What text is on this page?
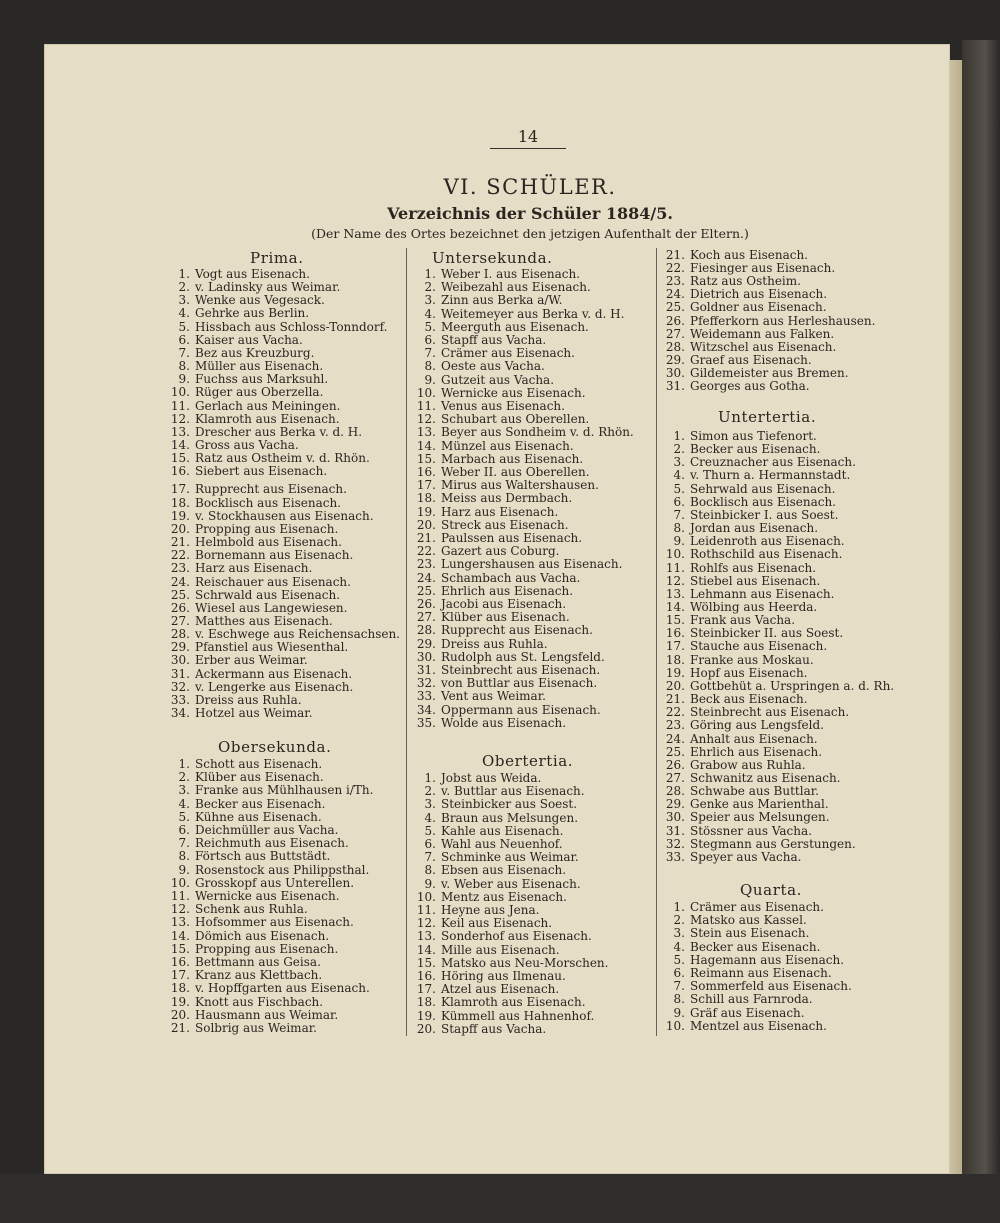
14
VI. SCHÜLER.
Verzeichnis der Schüler 1884/5.
(Der Name des Ortes bezeichnet den jetzigen Aufenthalt der Eltern.)
Prima.
1. Vogt aus Eisenach.
2. v. Ladinsky aus Weimar.
3. Wenke aus Vegesack.
4. Gehrke aus Berlin.
5. Hissbach aus Schloss-Tonndorf.
6. Kaiser aus Vacha.
7. Bez aus Kreuzburg.
8. Müller aus Eisenach.
9. Fuchss aus Marksuhl.
10. Rüger aus Oberzella.
11. Gerlach aus Meiningen.
12. Klamroth aus Eisenach.
13. Drescher aus Berka v. d. H.
14. Gross aus Vacha.
15. Ratz aus Ostheim v. d. Rhön.
16. Siebert aus Eisenach.
17. Rupprecht aus Eisenach.
18. Bocklisch aus Eisenach.
19. v. Stockhausen aus Eisenach.
20. Propping aus Eisenach.
21. Helmbold aus Eisenach.
22. Bornemann aus Eisenach.
23. Harz aus Eisenach.
24. Reischauer aus Eisenach.
25. Schrwald aus Eisenach.
26. Wiesel aus Langewiesen.
27. Matthes aus Eisenach.
28. v. Eschwege aus Reichensachsen.
29. Pfanstiel aus Wiesenthal.
30. Erber aus Weimar.
31. Ackermann aus Eisenach.
32. v. Lengerke aus Eisenach.
33. Dreiss aus Ruhla.
34. Hotzel aus Weimar.
Obersekunda.
1. Schott aus Eisenach.
2. Klüber aus Eisenach.
3. Franke aus Mühlhausen i/Th.
4. Becker aus Eisenach.
5. Kühne aus Eisenach.
6. Deichmüller aus Vacha.
7. Reichmuth aus Eisenach.
8. Förtsch aus Buttstädt.
9. Rosenstock aus Philippsthal.
10. Grosskopf aus Unterellen.
11. Wernicke aus Eisenach.
12. Schenk aus Ruhla.
13. Hofsommer aus Eisenach.
14. Dömich aus Eisenach.
15. Propping aus Eisenach.
16. Bettmann aus Geisa.
17. Kranz aus Klettbach.
18. v. Hopffgarten aus Eisenach.
19. Knott aus Fischbach.
20. Hausmann aus Weimar.
21. Solbrig aus Weimar.
Untersekunda.
1. Weber I. aus Eisenach.
2. Weibezahl aus Eisenach.
3. Zinn aus Berka a/W.
4. Weitemeyer aus Berka v. d. H.
5. Meerguth aus Eisenach.
6. Stapff aus Vacha.
7. Crämer aus Eisenach.
8. Oeste aus Vacha.
9. Gutzeit aus Vacha.
10. Wernicke aus Eisenach.
11. Venus aus Eisenach.
12. Schubart aus Oberellen.
13. Beyer aus Sondheim v. d. Rhön.
14. Münzel aus Eisenach.
15. Marbach aus Eisenach.
16. Weber II. aus Oberellen.
17. Mirus aus Waltershausen.
18. Meiss aus Dermbach.
19. Harz aus Eisenach.
20. Streck aus Eisenach.
21. Paulssen aus Eisenach.
22. Gazert aus Coburg.
23. Lungershausen aus Eisenach.
24. Schambach aus Vacha.
25. Ehrlich aus Eisenach.
26. Jacobi aus Eisenach.
27. Klüber aus Eisenach.
28. Rupprecht aus Eisenach.
29. Dreiss aus Ruhla.
30. Rudolph aus St. Lengsfeld.
31. Steinbrecht aus Eisenach.
32. von Buttlar aus Eisenach.
33. Vent aus Weimar.
34. Oppermann aus Eisenach.
35. Wolde aus Eisenach.
Obertertia.
1. Jobst aus Weida.
2. v. Buttlar aus Eisenach.
3. Steinbicker aus Soest.
4. Braun aus Melsungen.
5. Kahle aus Eisenach.
6. Wahl aus Neuenhof.
7. Schminke aus Weimar.
8. Ebsen aus Eisenach.
9. v. Weber aus Eisenach.
10. Mentz aus Eisenach.
11. Heyne aus Jena.
12. Keil aus Eisenach.
13. Sonderhof aus Eisenach.
14. Mille aus Eisenach.
15. Matsko aus Neu-Morschen.
16. Höring aus Ilmenau.
17. Atzel aus Eisenach.
18. Klamroth aus Eisenach.
19. Kümmell aus Hahnenhof.
20. Stapff aus Vacha.
21. Koch aus Eisenach.
22. Fiesinger aus Eisenach.
23. Ratz aus Ostheim.
24. Dietrich aus Eisenach.
25. Goldner aus Eisenach.
26. Pfefferkorn aus Herleshausen.
27. Weidemann aus Falken.
28. Witzschel aus Eisenach.
29. Graef aus Eisenach.
30. Gildemeister aus Bremen.
31. Georges aus Gotha.
Untertertia.
1. Simon aus Tiefenort.
2. Becker aus Eisenach.
3. Creuznacher aus Eisenach.
4. v. Thurn a. Hermannstadt.
5. Sehrwald aus Eisenach.
6. Bocklisch aus Eisenach.
7. Steinbicker I. aus Soest.
8. Jordan aus Eisenach.
9. Leidenroth aus Eisenach.
10. Rothschild aus Eisenach.
11. Rohlfs aus Eisenach.
12. Stiebel aus Eisenach.
13. Lehmann aus Eisenach.
14. Wölbing aus Heerda.
15. Frank aus Vacha.
16. Steinbicker II. aus Soest.
17. Stauche aus Eisenach.
18. Franke aus Moskau.
19. Hopf aus Eisenach.
20. Gottbehüt a. Urspringen a. d. Rh.
21. Beck aus Eisenach.
22. Steinbrecht aus Eisenach.
23. Göring aus Lengsfeld.
24. Anhalt aus Eisenach.
25. Ehrlich aus Eisenach.
26. Grabow aus Ruhla.
27. Schwanitz aus Eisenach.
28. Schwabe aus Buttlar.
29. Genke aus Marienthal.
30. Speier aus Melsungen.
31. Stössner aus Vacha.
32. Stegmann aus Gerstungen.
33. Speyer aus Vacha.
Quarta.
1. Crämer aus Eisenach.
2. Matsko aus Kassel.
3. Stein aus Eisenach.
4. Becker aus Eisenach.
5. Hagemann aus Eisenach.
6. Reimann aus Eisenach.
7. Sommerfeld aus Eisenach.
8. Schill aus Farnroda.
9. Gräf aus Eisenach.
10. Mentzel aus Eisenach.
